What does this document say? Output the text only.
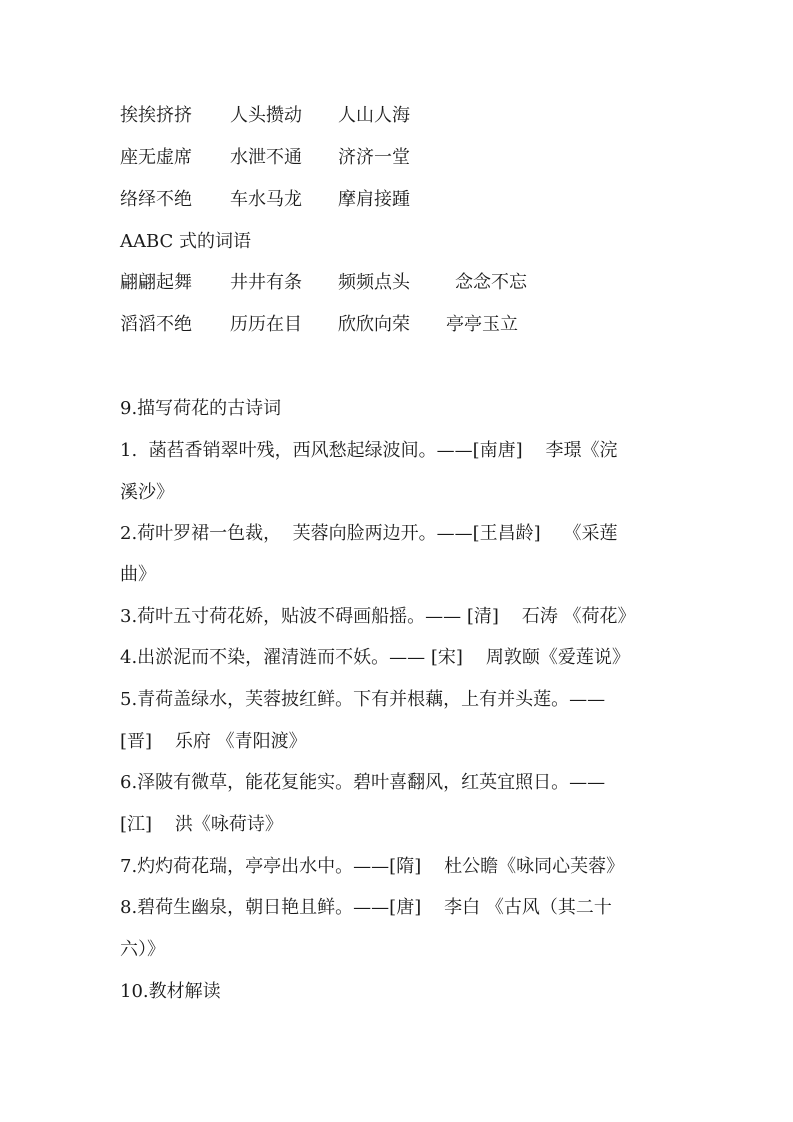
挨挨挤挤 人头攒动 人山人海
座无虚席 水泄不通 济济一堂
络绎不绝 车水马龙 摩肩接踵
AABC 式的词语
翩翩起舞 井井有条 频频点头	念念不忘
滔滔不绝 历历在目 欣欣向荣 亭亭玉立
9.描写荷花的古诗词
1.  菡萏香销翠叶残，西风愁起绿波间。——[南唐]    李璟《浣
溪沙》
2.荷叶罗裙一色裁，  芙蓉向脸两边开。——[王昌龄]    《采莲
曲》
3.荷叶五寸荷花娇，贴波不碍画船摇。—— [清]    石涛 《荷花》
4.出淤泥而不染，濯清涟而不妖。—— [宋]    周敦颐《爱莲说》
5.青荷盖绿水，芙蓉披红鲜。下有并根藕，上有并头莲。——
[晋]    乐府 《青阳渡》
6.泽陂有微草，能花复能实。碧叶喜翻风，红英宜照日。——
[江]    洪《咏荷诗》
7.灼灼荷花瑞，亭亭出水中。——[隋]    杜公瞻《咏同心芙蓉》
8.碧荷生幽泉，朝日艳且鲜。——[唐]    李白 《古风（其二十
六）》
10.教材解读
